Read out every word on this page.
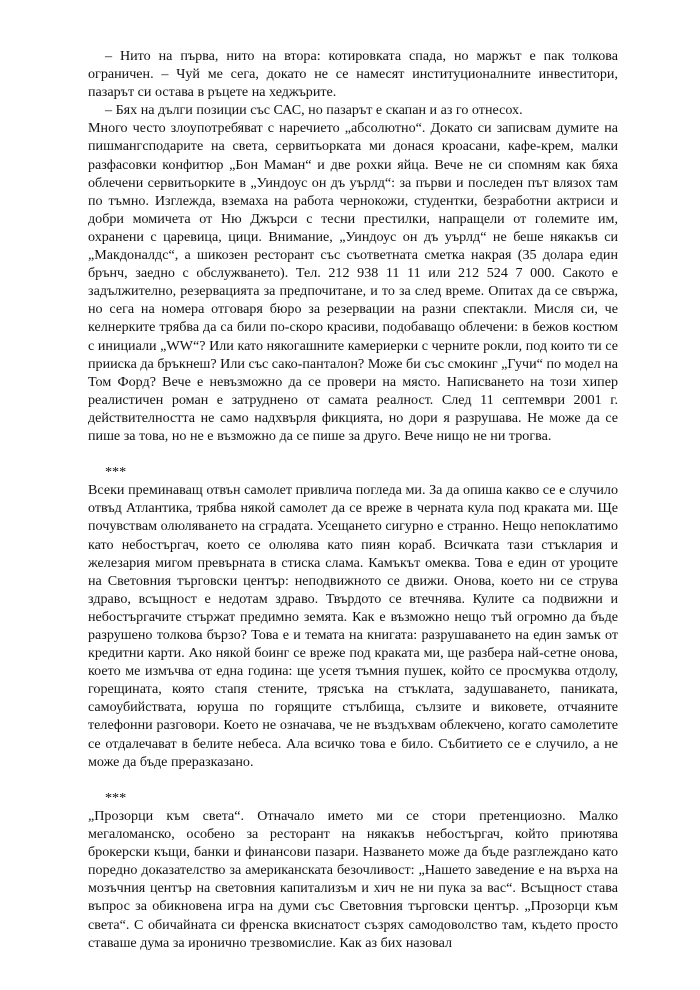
– Нито на първа, нито на втора: котировката спада, но маржът е пак толкова ограничен. – Чуй ме сега, докато не се намесят институционалните инвеститори, пазарът си остава в ръцете на хеджърите.

– Бях на дълги позиции със САС, но пазарът е скапан и аз го отнесох.

Много често злоупотребяват с наречието „абсолютно“. Докато си записвам думите на пишмангсподарите на света, сервитьорката ми донася кроасани, кафе-крем, малки разфасовки конфитюр „Бон Маман“ и две рохки яйца. Вече не си спомням как бяха облечени сервитьорките в „Уиндоус он дъ уърлд“: за първи и последен път влязох там по тъмно. Изглежда, вземаха на работа чернокожи, студентки, безработни актриси и добри момичета от Ню Джърси с тесни престилки, напращели от големите им, охранени с царевица, цици. Внимание, „Уиндоус он дъ уърлд“ не беше някакъв си „Макдоналдс“, а шикозен ресторант със съответната сметка накрая (35 долара един брънч, заедно с обслужването). Тел. 212 938 11 11 или 212 524 7 000. Сакото е задължително, резервацията за предпочитане, и то за след време. Опитах да се свържа, но сега на номера отговаря бюро за резервации на разни спектакли. Мисля си, че келнерките трябва да са били по-скоро красиви, подобаващо облечени: в бежов костюм с инициали „WW“? Или като някогашните камериерки с черните рокли, под които ти се прииска да бръкнеш? Или със сако-панталон? Може би със смокинг „Гучи“ по модел на Том Форд? Вече е невъзможно да се провери на място. Написването на този хипер реалистичен роман е затруднено от самата реалност. След 11 септември 2001 г. действителността не само надхвърля фикцията, но дори я разрушава. Не може да се пише за това, но не е възможно да се пише за друго. Вече нищо не ни трогва.

***

Всеки преминаващ отвън самолет привлича погледа ми. За да опиша какво се е случило отвъд Атлантика, трябва някой самолет да се вреже в черната кула под краката ми. Ще почувствам олюляването на сградата. Усещането сигурно е странно. Нещо непоклатимо като небостъргач, което се олюлява като пиян кораб. Всичката тази стъклария и железария мигом превърната в стиска слама. Камъкът омеква. Това е един от уроците на Световния търговски център: неподвижното се движи. Онова, което ни се струва здраво, всъщност е недотам здраво. Твърдото се втечнява. Кулите са подвижни и небостъргачите стържат предимно земята. Как е възможно нещо тъй огромно да бъде разрушено толкова бързо? Това е и темата на книгата: разрушаването на един замък от кредитни карти. Ако някой боинг се вреже под краката ми, ще разбера най-сетне онова, което ме измъчва от една година: ще усетя тъмния пушек, който се просмуква отдолу, горещината, която стапя стените, трясъка на стъклата, задушаването, паниката, самоубийствата, юруша по горящите стълбища, сълзите и виковете, отчаяните телефонни разговори. Което не означава, че не въздъхвам облекчено, когато самолетите се отдалечават в белите небеса. Ала всичко това е било. Събитието се е случило, а не може да бъде преразказано.

***

„Прозорци към света“. Отначало името ми се стори претенциозно. Малко мегаломанско, особено за ресторант на някакъв небостъргач, който приютява брокерски къщи, банки и финансови пазари. Назването може да бъде разглеждано като поредно доказателство за американската безочливост: „Нашето заведение е на върха на мозъчния център на световния капитализъм и хич не ни пука за вас“. Всъщност става въпрос за обикновена игра на думи със Световния търговски център. „Прозорци към света“. С обичайната си френска вкиснатост съзрях самодоволство там, където просто ставаше дума за иронично трезвомислие. Как аз бих назовал
